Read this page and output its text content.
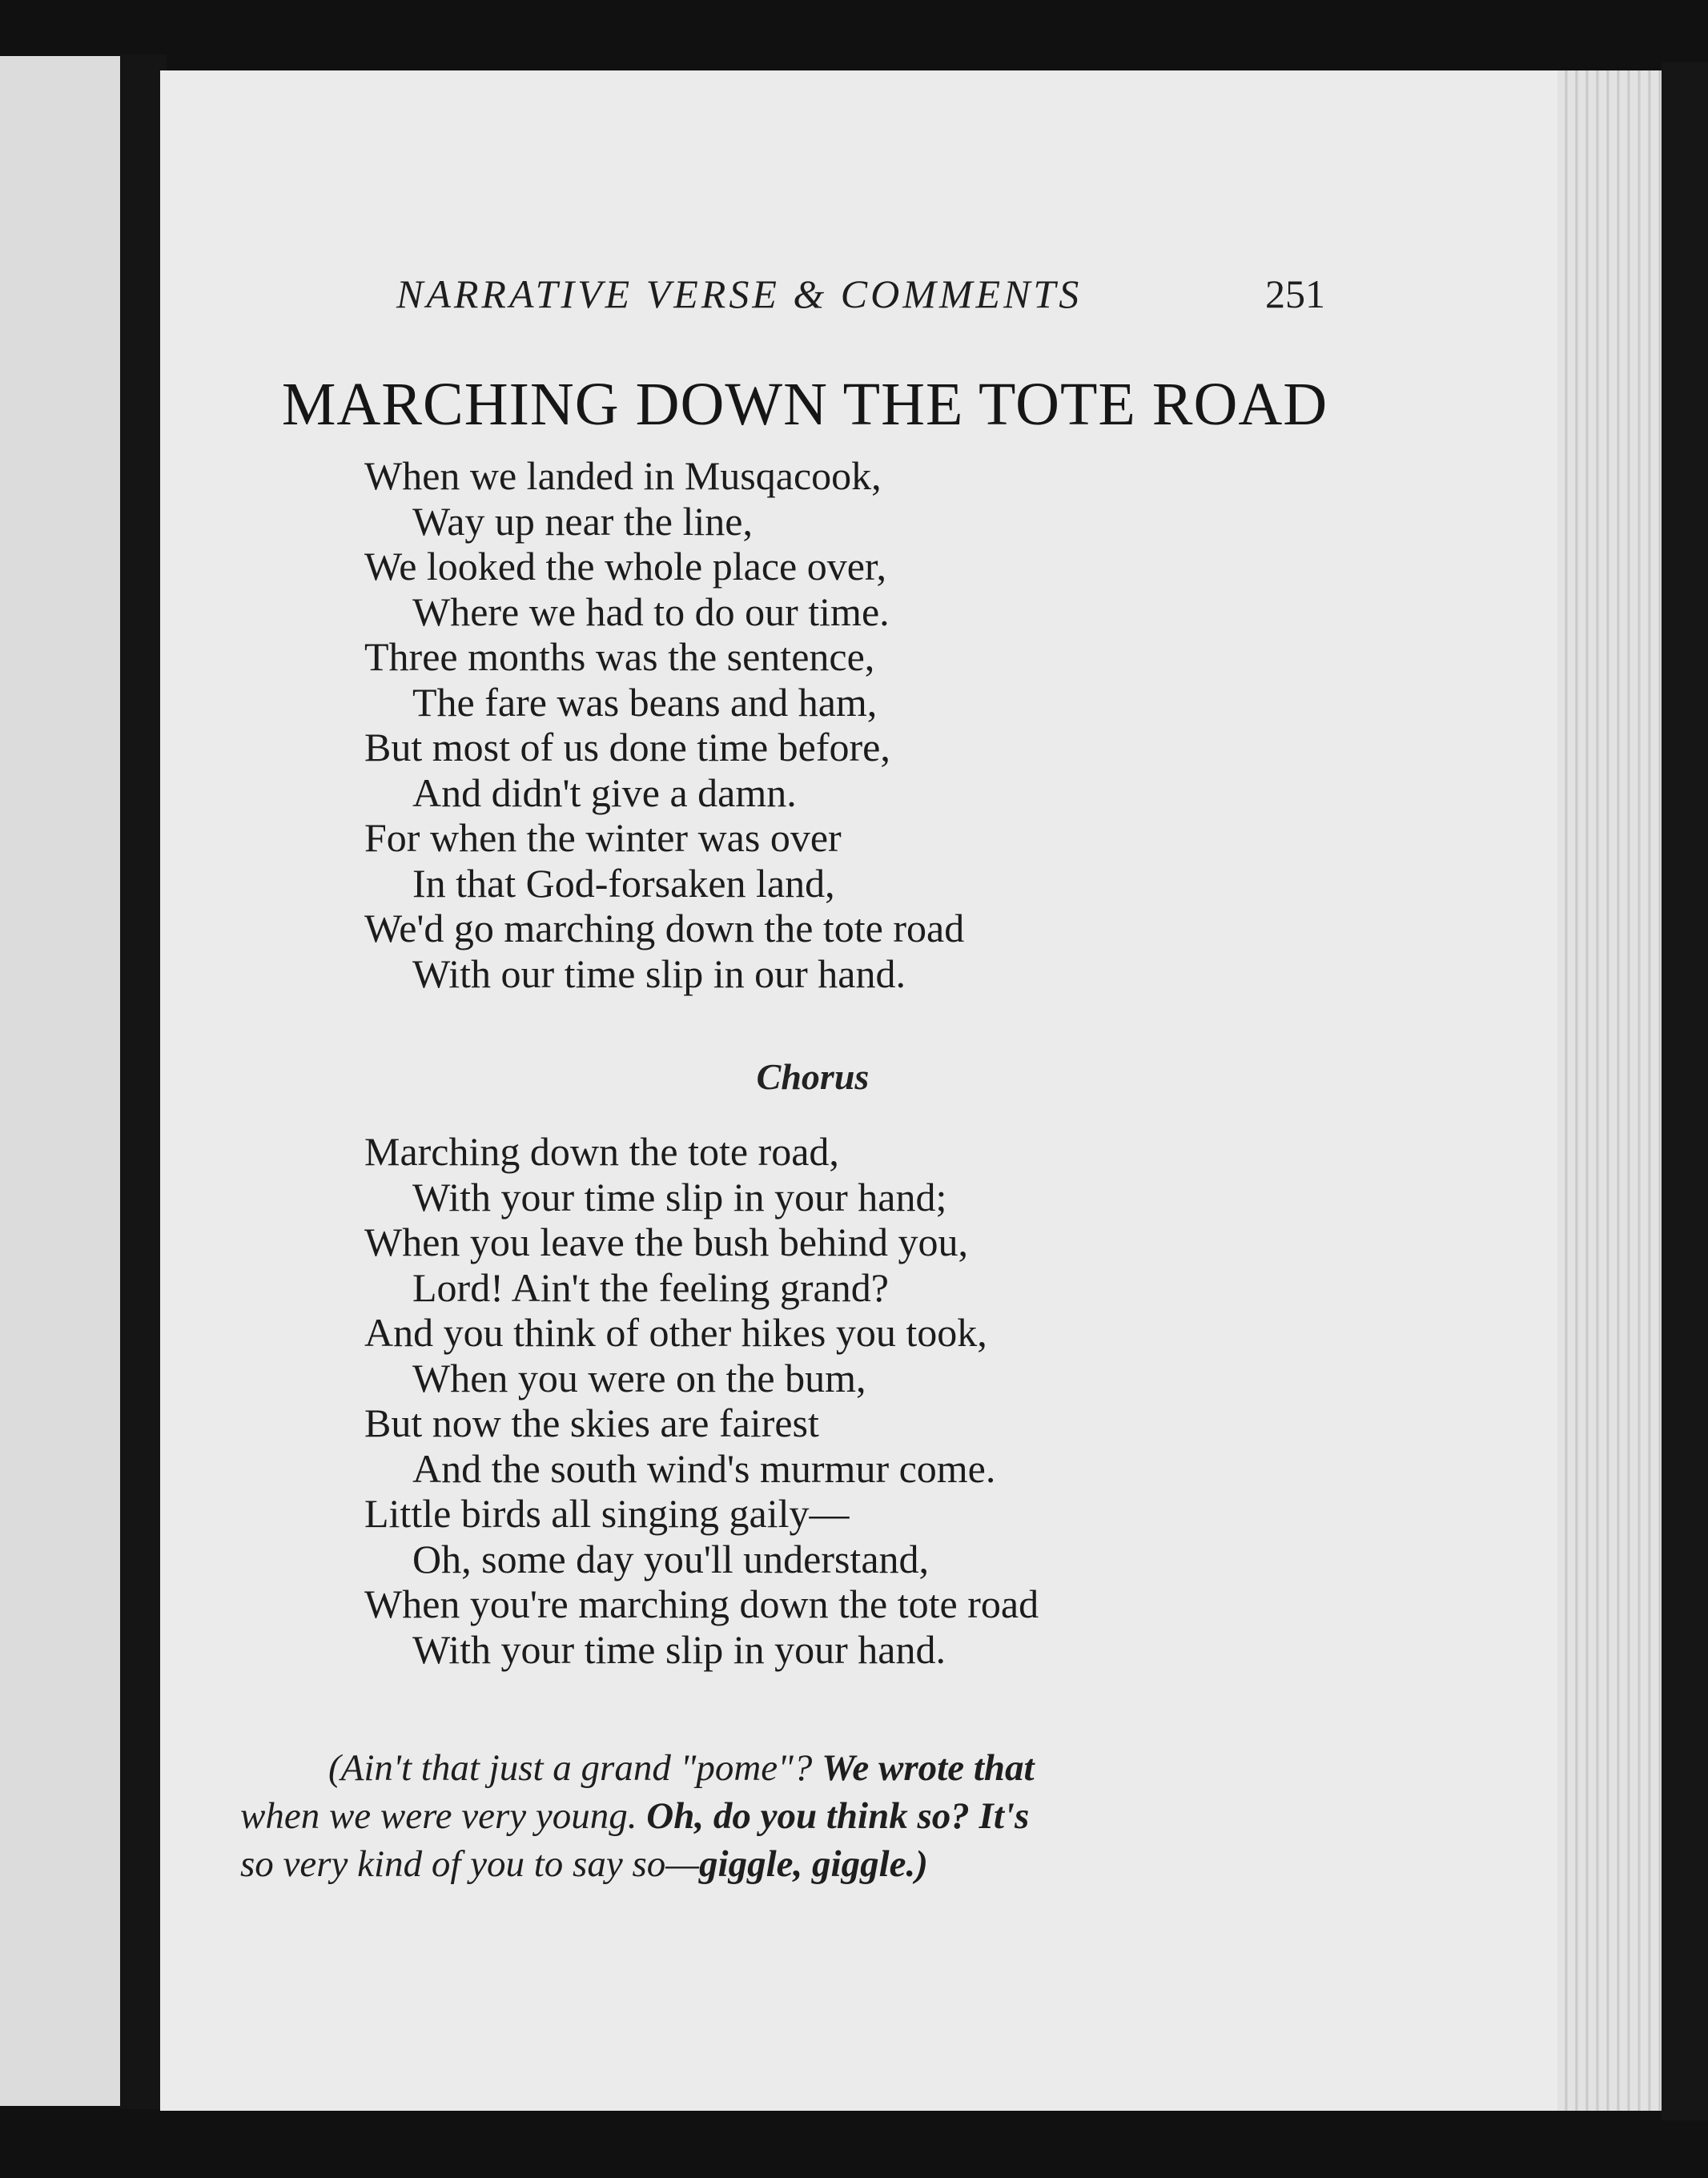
NARRATIVE VERSE & COMMENTS	251
MARCHING DOWN THE TOTE ROAD
When we landed in Musqacook,
Way up near the line,
We looked the whole place over,
Where we had to do our time.
Three months was the sentence,
The fare was beans and ham,
But most of us done time before,
And didn't give a damn.
For when the winter was over
In that God-forsaken land,
We'd go marching down the tote road
With our time slip in our hand.
Chorus
Marching down the tote road,
With your time slip in your hand;
When you leave the bush behind you,
Lord! Ain't the feeling grand?
And you think of other hikes you took,
When you were on the bum,
But now the skies are fairest
And the south wind's murmur come.
Little birds all singing gaily—
Oh, some day you'll understand,
When you're marching down the tote road
With your time slip in your hand.

(Ain't that just a grand "pome"? We wrote that
when we were very young. Oh, do you think so? It's
so very kind of you to say so—giggle, giggle.)
